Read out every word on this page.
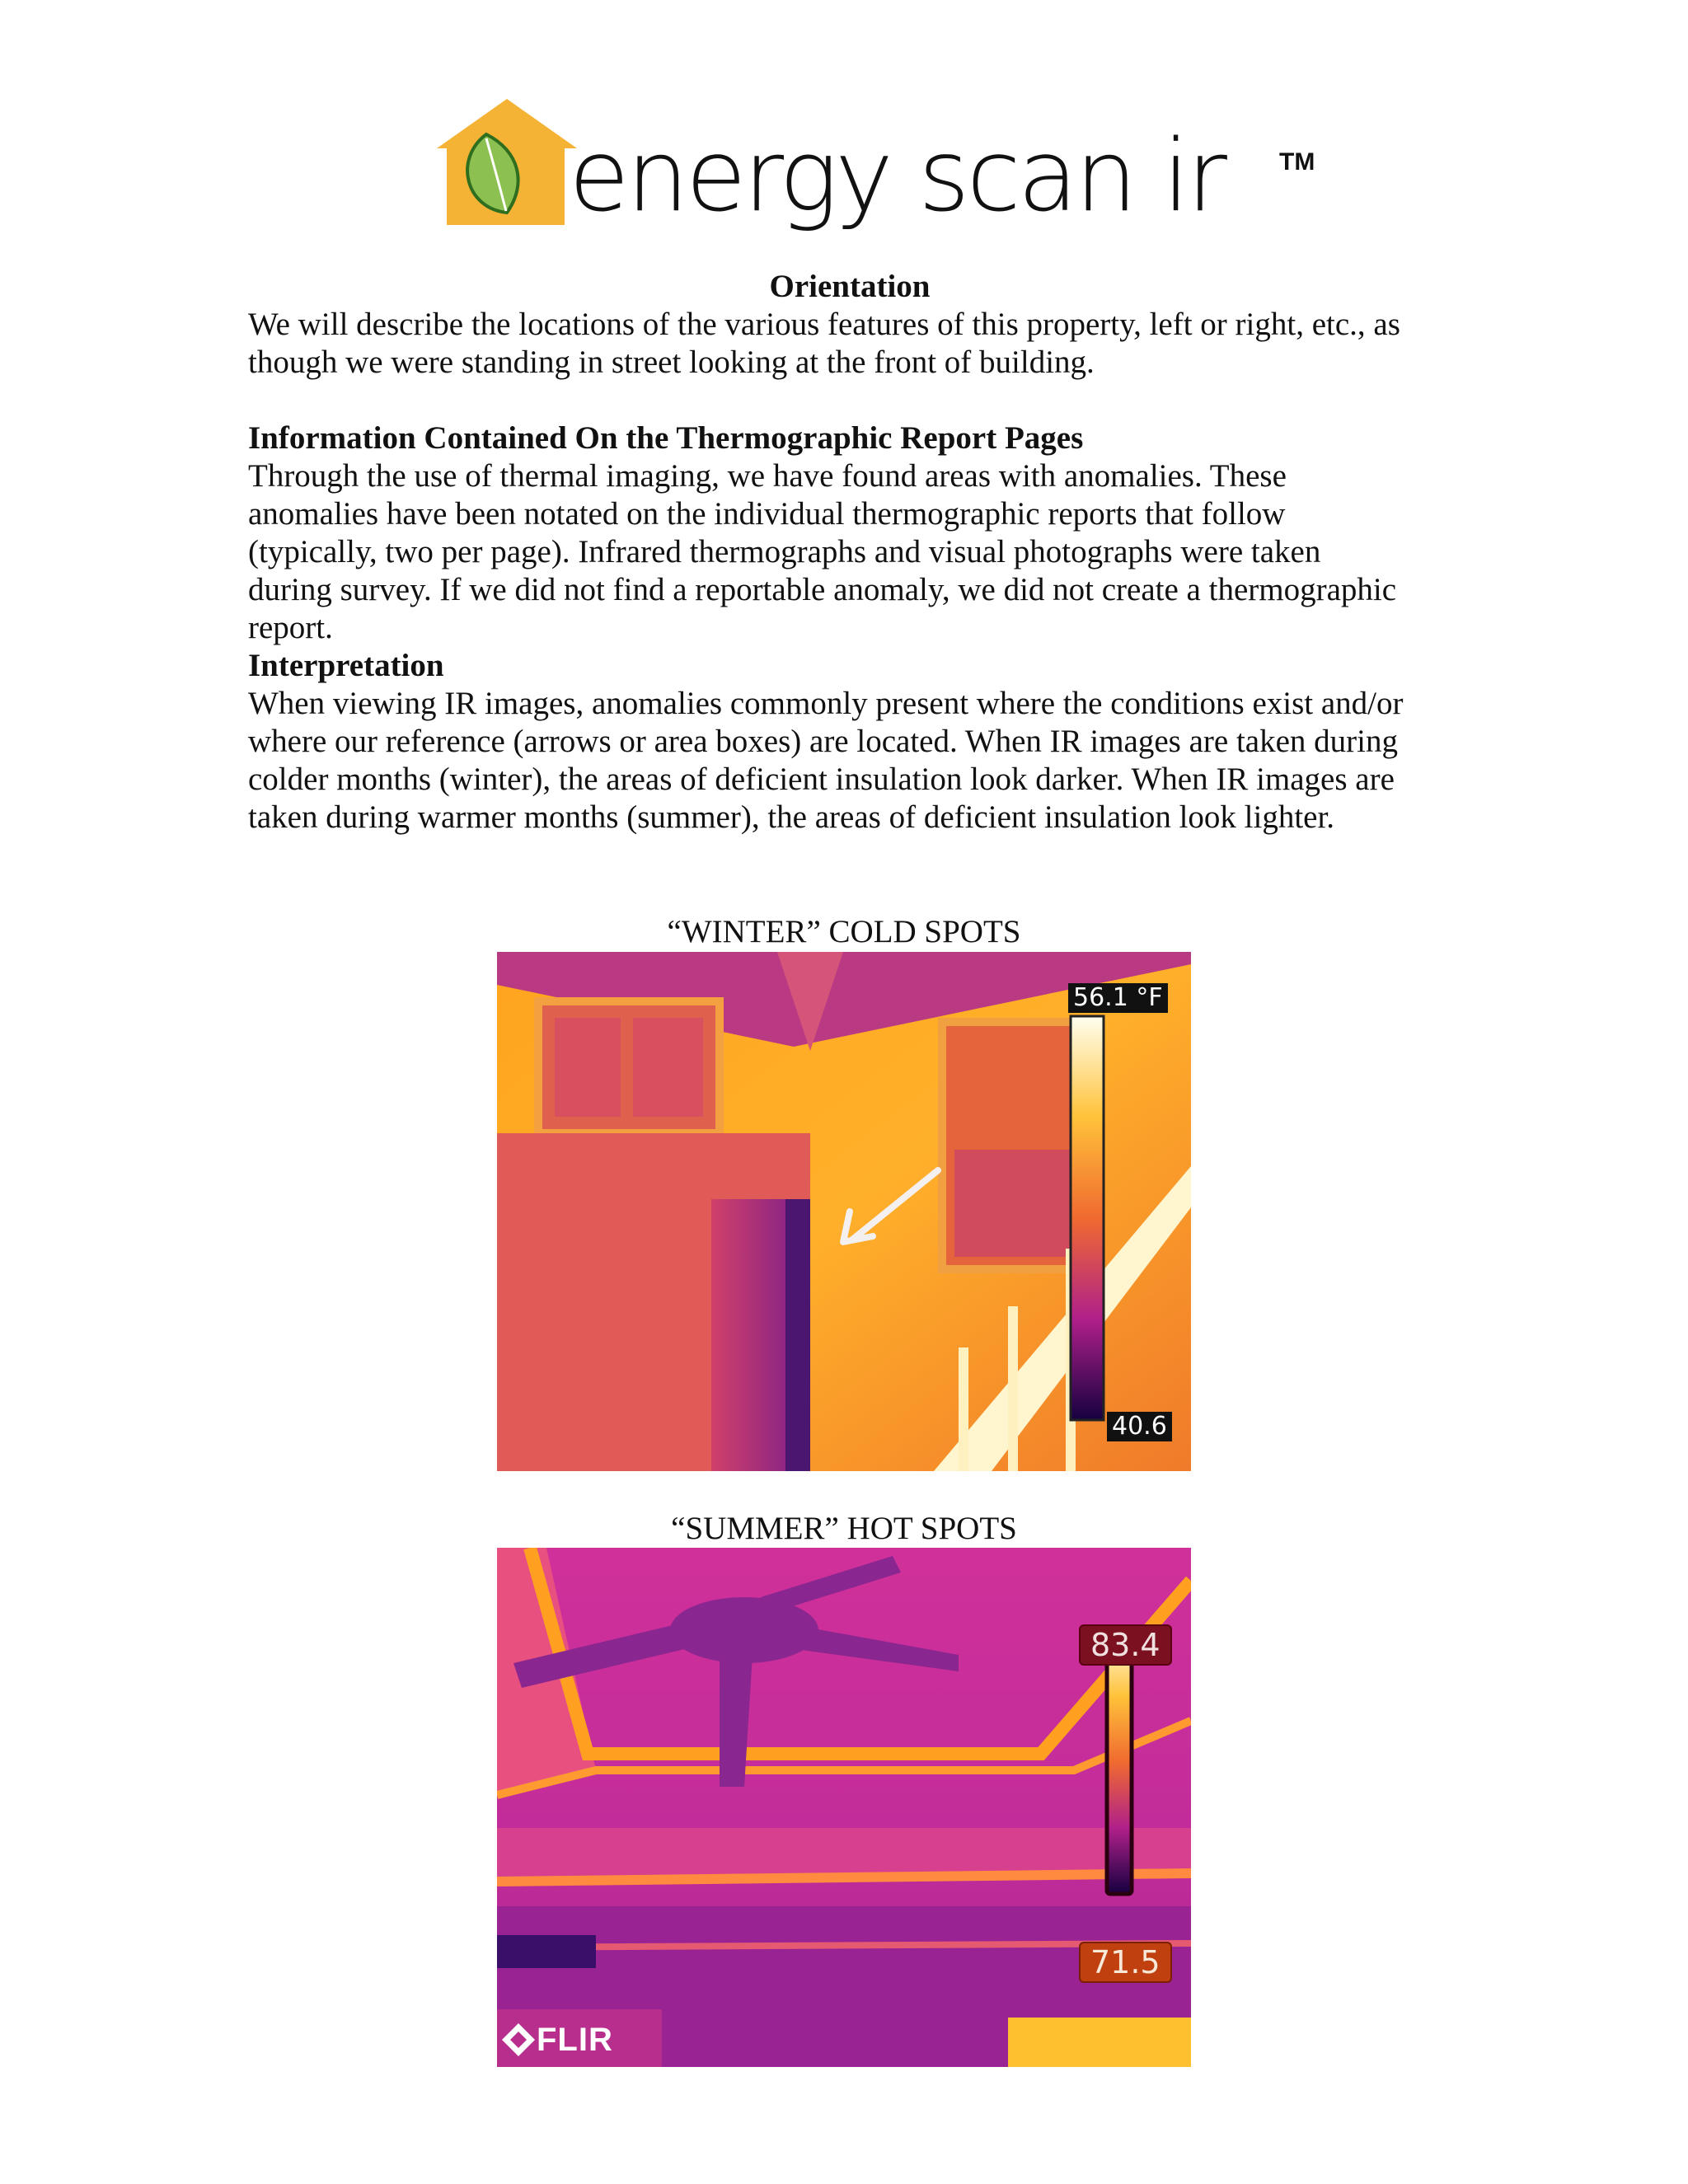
energy scan ir TM
Orientation
We will describe the locations of the various features of this property, left or right, etc., as
though we were standing in street looking at the front of building.
Information Contained On the Thermographic Report Pages
Through the use of thermal imaging, we have found areas with anomalies. These
anomalies have been notated on the individual thermographic reports that follow
(typically, two per page). Infrared thermographs and visual photographs were taken
during survey. If we did not find a reportable anomaly, we did not create a thermographic
report.
Interpretation
When viewing IR images, anomalies commonly present where the conditions exist and/or
where our reference (arrows or area boxes) are located. When IR images are taken during
colder months (winter), the areas of deficient insulation look darker. When IR images are
taken during warmer months (summer), the areas of deficient insulation look lighter.
“WINTER” COLD SPOTS
56.1 °F
40.6
“SUMMER” HOT SPOTS
83.4
71.5
FLIR
